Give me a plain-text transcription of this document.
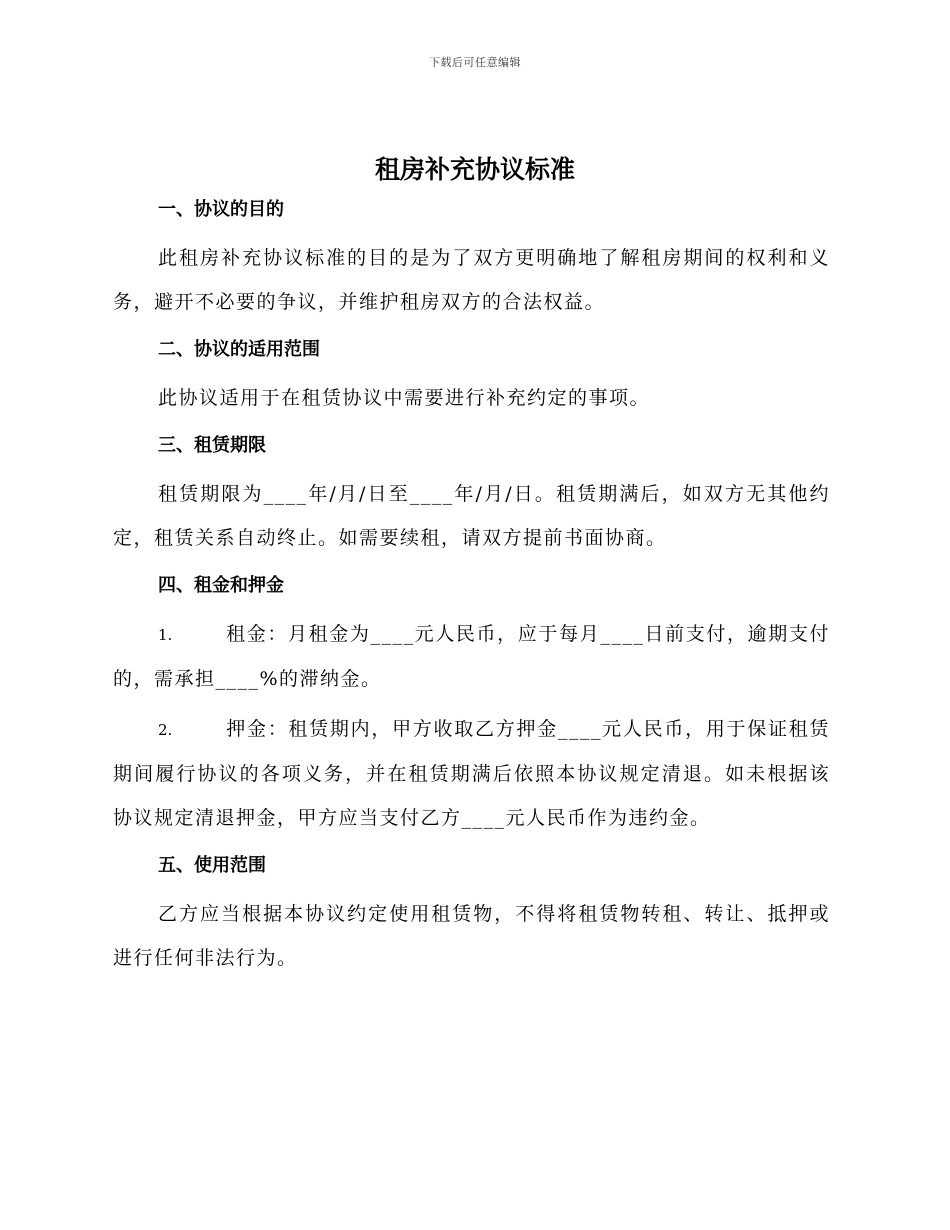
下载后可任意编辑
租房补充协议标准
一、协议的目的

此租房补充协议标准的目的是为了双方更明确地了解租房期间的权利和义务，避开不必要的争议，并维护租房双方的合法权益。

二、协议的适用范围

此协议适用于在租赁协议中需要进行补充约定的事项。

三、租赁期限

租赁期限为____年/月/日至____年/月/日。租赁期满后，如双方无其他约定，租赁关系自动终止。如需要续租，请双方提前书面协商。

四、租金和押金

1.	租金：月租金为____元人民币，应于每月____日前支付，逾期支付的，需承担____%的滞纳金。

2.	押金：租赁期内，甲方收取乙方押金____元人民币，用于保证租赁期间履行协议的各项义务，并在租赁期满后依照本协议规定清退。如未根据该协议规定清退押金，甲方应当支付乙方____元人民币作为违约金。

五、使用范围

乙方应当根据本协议约定使用租赁物，不得将租赁物转租、转让、抵押或进行任何非法行为。
